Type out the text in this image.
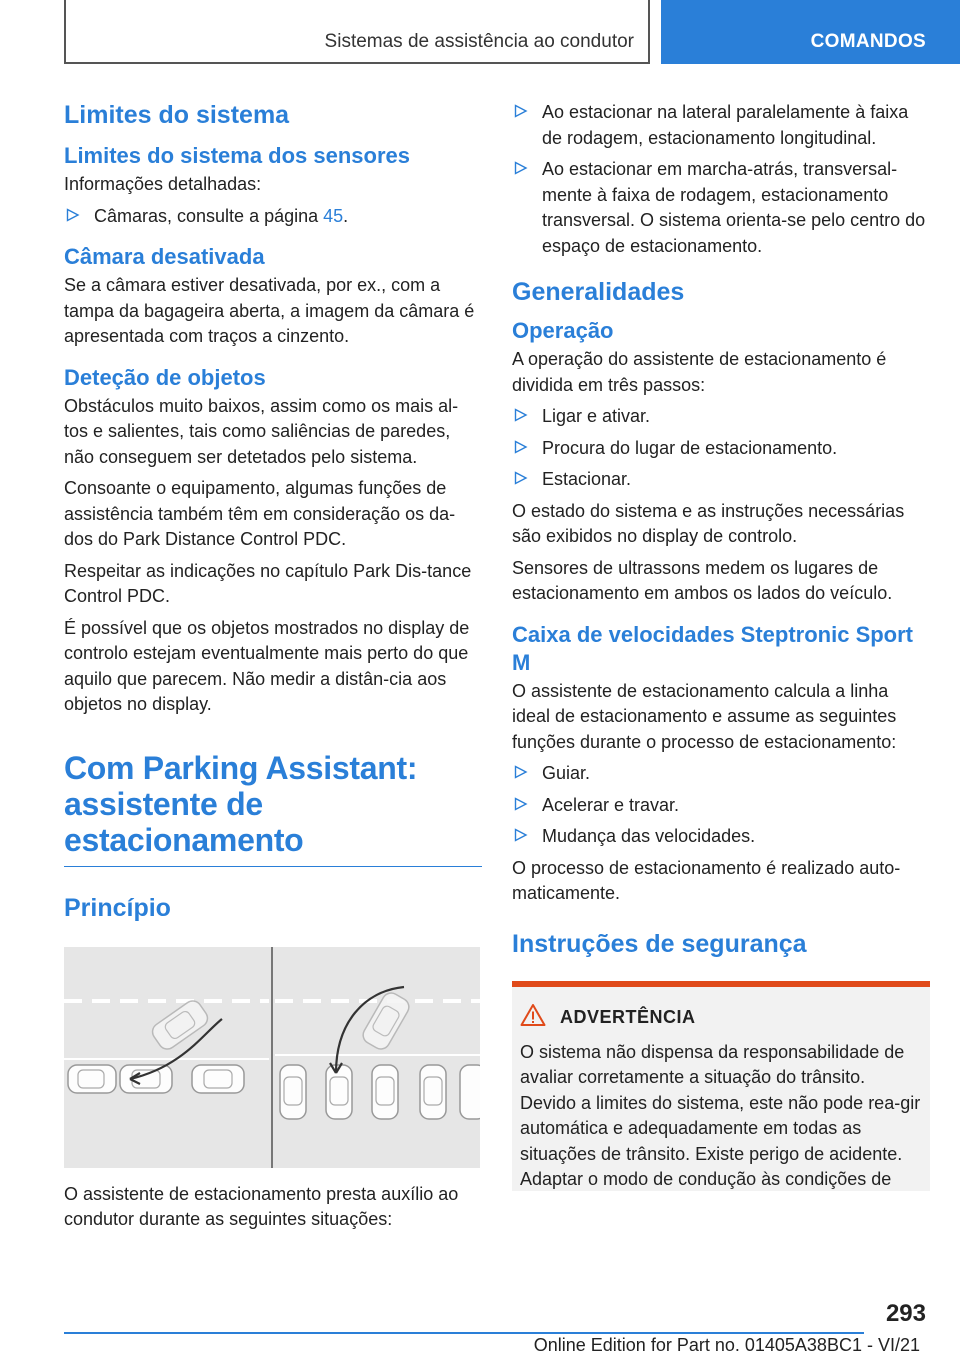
Sistemas de assistência ao condutor	COMANDOS
Limites do sistema
Limites do sistema dos sensores
Informações detalhadas:
Câmaras, consulte a página 45.
Câmara desativada
Se a câmara estiver desativada, por ex., com a tampa da bagageira aberta, a imagem da câmara é apresentada com traços a cinzento.
Deteção de objetos
Obstáculos muito baixos, assim como os mais al-tos e salientes, tais como saliências de paredes, não conseguem ser detetados pelo sistema.
Consoante o equipamento, algumas funções de assistência também têm em consideração os da-dos do Park Distance Control PDC.
Respeitar as indicações no capítulo Park Dis-tance Control PDC.
É possível que os objetos mostrados no display de controlo estejam eventualmente mais perto do que aquilo que parecem. Não medir a distân-cia aos objetos no display.
Com Parking Assistant: assistente de estacionamento
Princípio
O assistente de estacionamento presta auxílio ao condutor durante as seguintes situações:
Ao estacionar na lateral paralelamente à faixa de rodagem, estacionamento longitudinal.
Ao estacionar em marcha-atrás, transversal-mente à faixa de rodagem, estacionamento transversal. O sistema orienta-se pelo centro do espaço de estacionamento.
Generalidades
Operação
A operação do assistente de estacionamento é dividida em três passos:
Ligar e ativar.
Procura do lugar de estacionamento.
Estacionar.
O estado do sistema e as instruções necessárias são exibidos no display de controlo.
Sensores de ultrassons medem os lugares de estacionamento em ambos os lados do veículo.
Caixa de velocidades Steptronic Sport M
O assistente de estacionamento calcula a linha ideal de estacionamento e assume as seguintes funções durante o processo de estacionamento:
Guiar.
Acelerar e travar.
Mudança das velocidades.
O processo de estacionamento é realizado auto-maticamente.
Instruções de segurança
ADVERTÊNCIA
O sistema não dispensa da responsabilidade de avaliar corretamente a situação do trânsito. Devido a limites do sistema, este não pode rea-gir automática e adequadamente em todas as situações de trânsito. Existe perigo de acidente. Adaptar o modo de condução às condições de
293
Online Edition for Part no. 01405A38BC1 - VI/21
